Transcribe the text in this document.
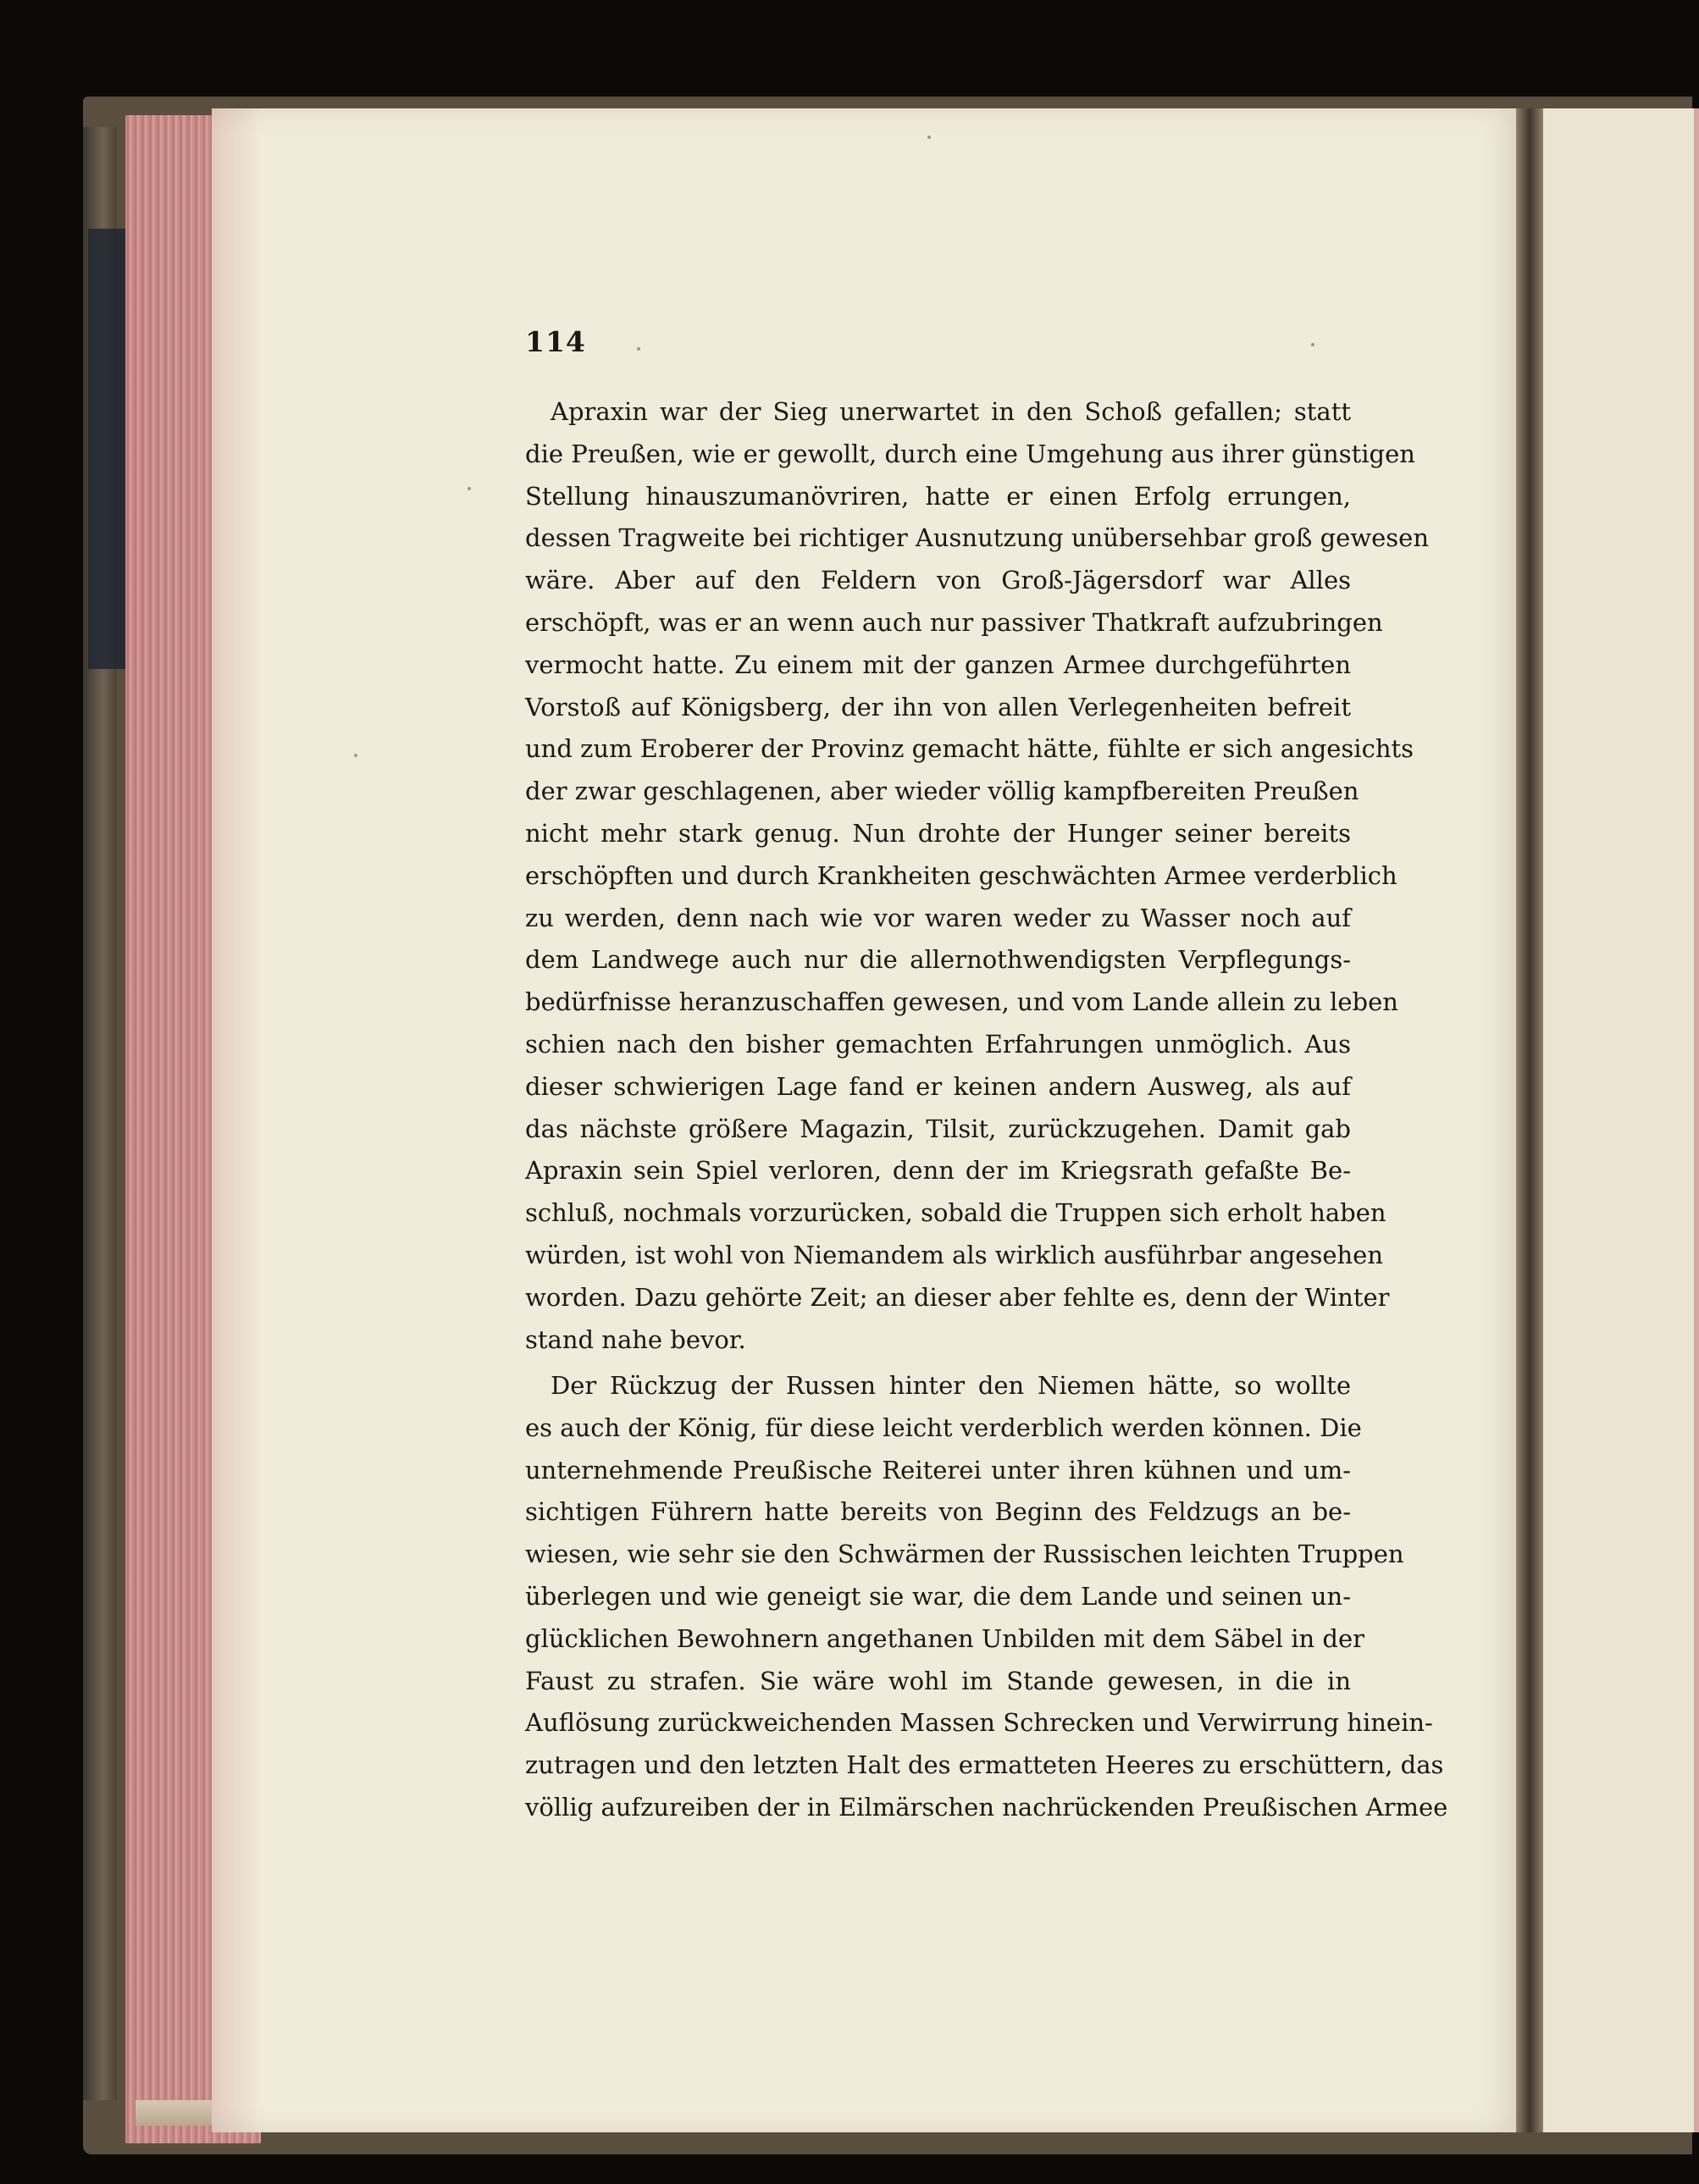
114
Apraxin war der Sieg unerwartet in den Schoß gefallen; statt
die Preußen, wie er gewollt, durch eine Umgehung aus ihrer günstigen
Stellung hinauszumanövriren, hatte er einen Erfolg errungen,
dessen Tragweite bei richtiger Ausnutzung unübersehbar groß gewesen
wäre. Aber auf den Feldern von Groß-Jägersdorf war Alles
erschöpft, was er an wenn auch nur passiver Thatkraft aufzubringen
vermocht hatte. Zu einem mit der ganzen Armee durchgeführten
Vorstoß auf Königsberg, der ihn von allen Verlegenheiten befreit
und zum Eroberer der Provinz gemacht hätte, fühlte er sich angesichts
der zwar geschlagenen, aber wieder völlig kampfbereiten Preußen
nicht mehr stark genug. Nun drohte der Hunger seiner bereits
erschöpften und durch Krankheiten geschwächten Armee verderblich
zu werden, denn nach wie vor waren weder zu Wasser noch auf
dem Landwege auch nur die allernothwendigsten Verpflegungs-
bedürfnisse heranzuschaffen gewesen, und vom Lande allein zu leben
schien nach den bisher gemachten Erfahrungen unmöglich. Aus
dieser schwierigen Lage fand er keinen andern Ausweg, als auf
das nächste größere Magazin, Tilsit, zurückzugehen. Damit gab
Apraxin sein Spiel verloren, denn der im Kriegsrath gefaßte Be-
schluß, nochmals vorzurücken, sobald die Truppen sich erholt haben
würden, ist wohl von Niemandem als wirklich ausführbar angesehen
worden. Dazu gehörte Zeit; an dieser aber fehlte es, denn der Winter
stand nahe bevor.
Der Rückzug der Russen hinter den Niemen hätte, so wollte
es auch der König, für diese leicht verderblich werden können. Die
unternehmende Preußische Reiterei unter ihren kühnen und um-
sichtigen Führern hatte bereits von Beginn des Feldzugs an be-
wiesen, wie sehr sie den Schwärmen der Russischen leichten Truppen
überlegen und wie geneigt sie war, die dem Lande und seinen un-
glücklichen Bewohnern angethanen Unbilden mit dem Säbel in der
Faust zu strafen. Sie wäre wohl im Stande gewesen, in die in
Auflösung zurückweichenden Massen Schrecken und Verwirrung hinein-
zutragen und den letzten Halt des ermatteten Heeres zu erschüttern, das
völlig aufzureiben der in Eilmärschen nachrückenden Preußischen Armee
